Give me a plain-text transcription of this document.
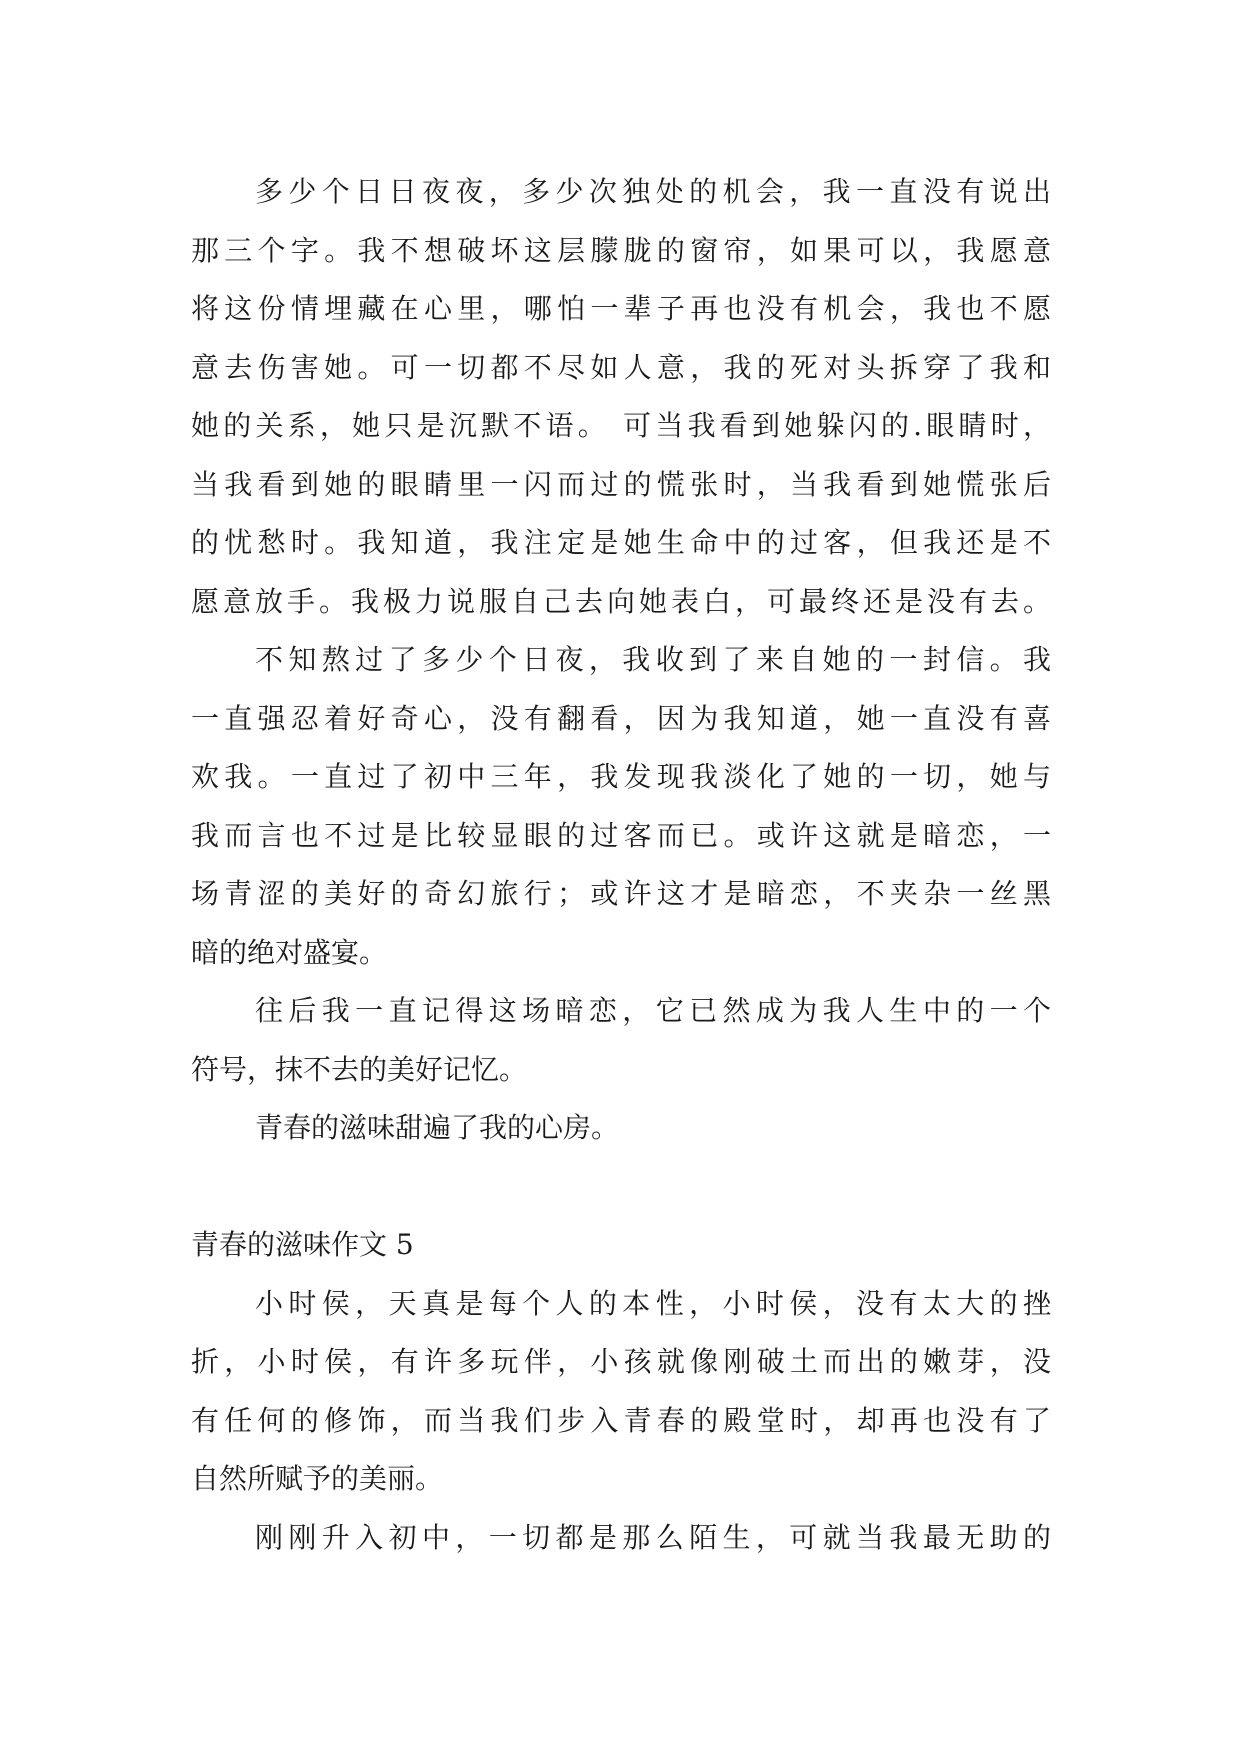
多少个日日夜夜，多少次独处的机会，我一直没有说出
那三个字。我不想破坏这层朦胧的窗帘，如果可以，我愿意
将这份情埋藏在心里，哪怕一辈子再也没有机会，我也不愿
意去伤害她。可一切都不尽如人意，我的死对头拆穿了我和
她的关系，她只是沉默不语。 可当我看到她躲闪的.眼睛时，
当我看到她的眼睛里一闪而过的慌张时，当我看到她慌张后
的忧愁时。我知道，我注定是她生命中的过客，但我还是不
愿意放手。我极力说服自己去向她表白，可最终还是没有去。
不知熬过了多少个日夜，我收到了来自她的一封信。我
一直强忍着好奇心，没有翻看，因为我知道，她一直没有喜
欢我。一直过了初中三年，我发现我淡化了她的一切，她与
我而言也不过是比较显眼的过客而已。或许这就是暗恋，一
场青涩的美好的奇幻旅行；或许这才是暗恋，不夹杂一丝黑
暗的绝对盛宴。
往后我一直记得这场暗恋，它已然成为我人生中的一个
符号，抹不去的美好记忆。
青春的滋味甜遍了我的心房。
青春的滋味作文 5
小时侯，天真是每个人的本性，小时侯，没有太大的挫
折，小时侯，有许多玩伴，小孩就像刚破土而出的嫩芽，没
有任何的修饰，而当我们步入青春的殿堂时，却再也没有了
自然所赋予的美丽。
刚刚升入初中，一切都是那么陌生，可就当我最无助的
